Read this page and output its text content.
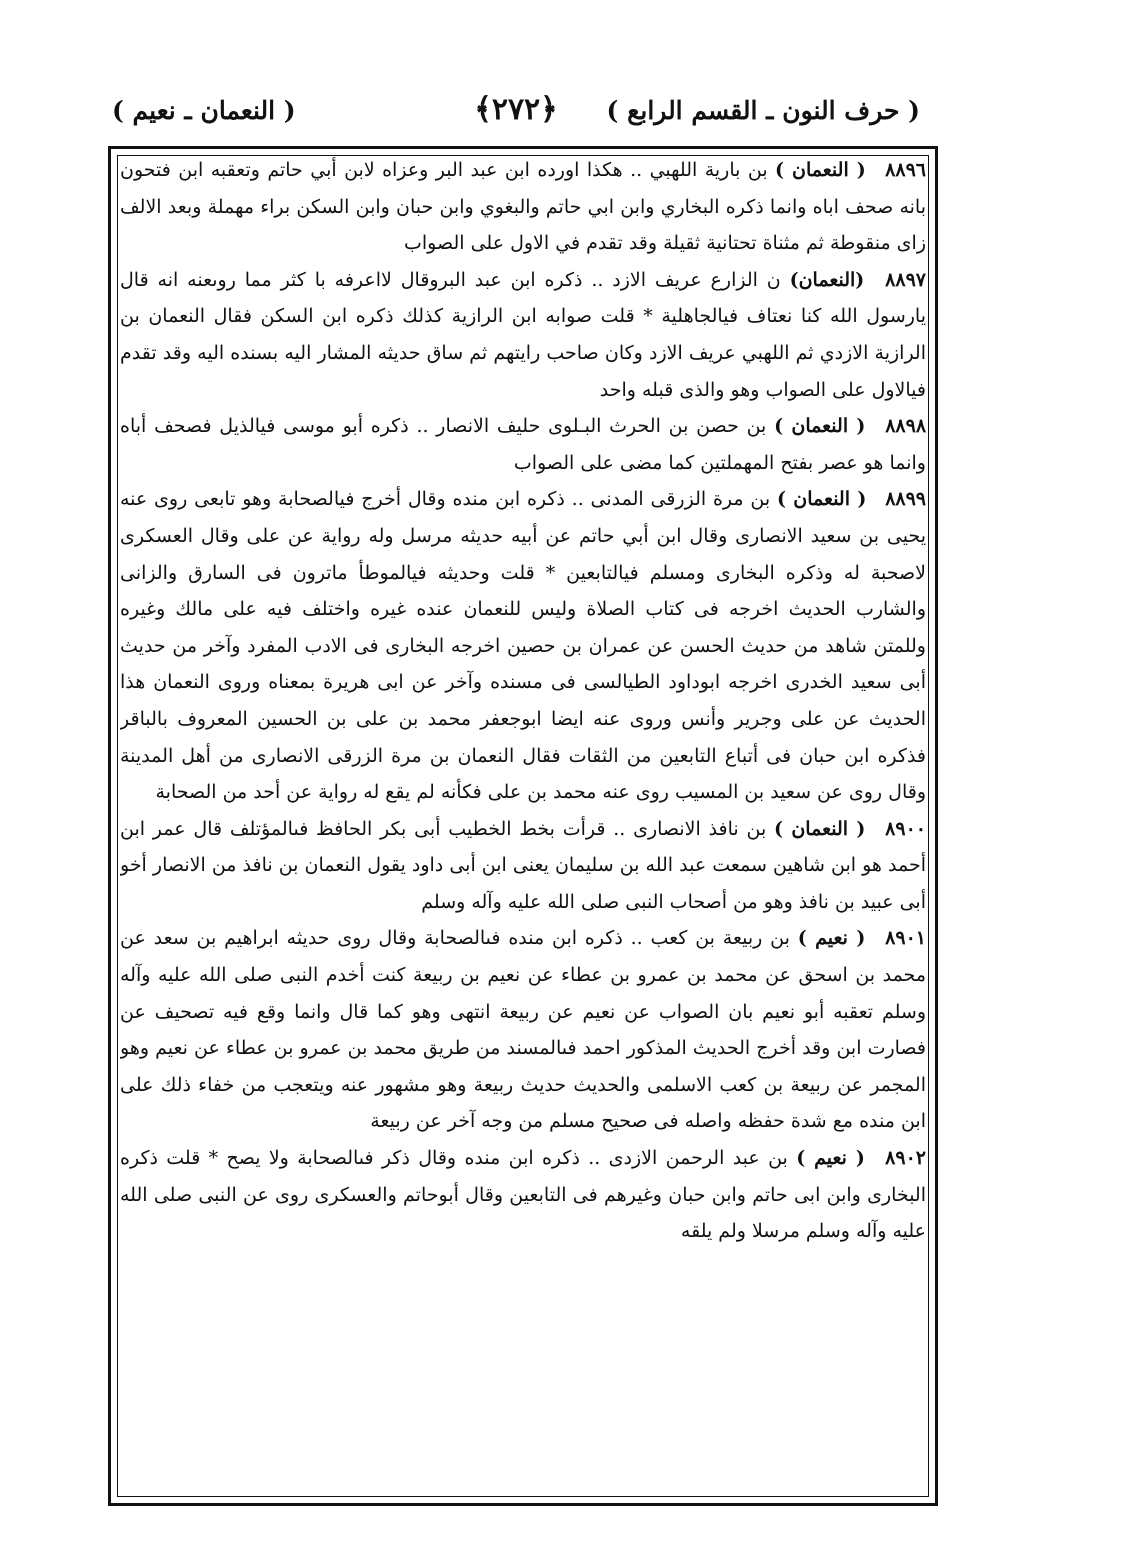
( حرف النون ـ القسم الرابع )
﴿٢٧٢﴾
( النعمان ـ نعيم )

٨٨٩٦ ( النعمان ) بن بارية اللهبي .. هكذا اورده ابن عبد البر وعزاه لابن أبي حاتم وتعقبه ابن فتحون بانه صحف اباه وانما ذكره البخاري وابن ابي حاتم والبغوي وابن حبان وابن السكن براء مهملة وبعد الالف زاى منقوطة ثم مثناة تحتانية ثقيلة وقد تقدم في الاول على الصواب

٨٨٩٧ (النعمان) ن الزارع عريف الازد .. ذكره ابن عبد البروقال لااعرفه با كثر مما روىعنه انه قال يارسول الله كنا نعتاف فيالجاهلية * قلت صوابه ابن الرازية كذلك ذكره ابن السكن فقال النعمان بن الرازية الازدي ثم اللهبي عريف الازد وكان صاحب رايتهم ثم ساق حديثه المشار اليه بسنده اليه وقد تقدم فيالاول على الصواب وهو والذى قبله واحد

٨٨٩٨ ( النعمان ) بن حصن بن الحرث البـلوى حليف الانصار .. ذكره أبو موسى فيالذيل فصحف أباه وانما هو عصر بفتح المهملتين كما مضى على الصواب

٨٨٩٩ ( النعمان ) بن مرة الزرقى المدنى .. ذكره ابن منده وقال أخرج فيالصحابة وهو تابعى روى عنه يحيى بن سعيد الانصارى وقال ابن أبي حاتم عن أبيه حديثه مرسل وله رواية عن على وقال العسكرى لاصحبة له وذكره البخارى ومسلم فيالتابعين * قلت وحديثه فيالموطأ ماترون فى السارق والزانى والشارب الحديث اخرجه فى كتاب الصلاة وليس للنعمان عنده غيره واختلف فيه على مالك وغيره وللمتن شاهد من حديث الحسن عن عمران بن حصين اخرجه البخارى فى الادب المفرد وآخر من حديث أبى سعيد الخدرى اخرجه ابوداود الطيالسى فى مسنده وآخر عن ابى هريرة بمعناه وروى النعمان هذا الحديث عن على وجرير وأنس وروى عنه ايضا ابوجعفر محمد بن على بن الحسين المعروف بالباقر فذكره ابن حبان فى أتباع التابعين من الثقات فقال النعمان بن مرة الزرقى الانصارى من أهل المدينة وقال روى عن سعيد بن المسيب روى عنه محمد بن على فكأنه لم يقع له رواية عن أحد من الصحابة

٨٩٠٠ ( النعمان ) بن نافذ الانصارى .. قرأت بخط الخطيب أبى بكر الحافظ فىالمؤتلف قال عمر ابن أحمد هو ابن شاهين سمعت عبد الله بن سليمان يعنى ابن أبى داود يقول النعمان بن نافذ من الانصار أخو أبى عبيد بن نافذ وهو من أصحاب النبى صلى الله عليه وآله وسلم

٨٩٠١ ( نعيم ) بن ربيعة بن كعب .. ذكره ابن منده فىالصحابة وقال روى حديثه ابراهيم بن سعد عن محمد بن اسحق عن محمد بن عمرو بن عطاء عن نعيم بن ربيعة كنت أخدم النبى صلى الله عليه وآله وسلم تعقبه أبو نعيم بان الصواب عن نعيم عن ربيعة انتهى وهو كما قال وانما وقع فيه تصحيف عن فصارت ابن وقد أخرج الحديث المذكور احمد فىالمسند من طريق محمد بن عمرو بن عطاء عن نعيم وهو المجمر عن ربيعة بن كعب الاسلمى والحديث حديث ربيعة وهو مشهور عنه ويتعجب من خفاء ذلك على ابن منده مع شدة حفظه واصله فى صحيح مسلم من وجه آخر عن ربيعة

٨٩٠٢ ( نعيم ) بن عبد الرحمن الازدى .. ذكره ابن منده وقال ذكر فىالصحابة ولا يصح * قلت ذكره البخارى وابن ابى حاتم وابن حبان وغيرهم فى التابعين وقال أبوحاتم والعسكرى روى عن النبى صلى الله عليه وآله وسلم مرسلا ولم يلقه
